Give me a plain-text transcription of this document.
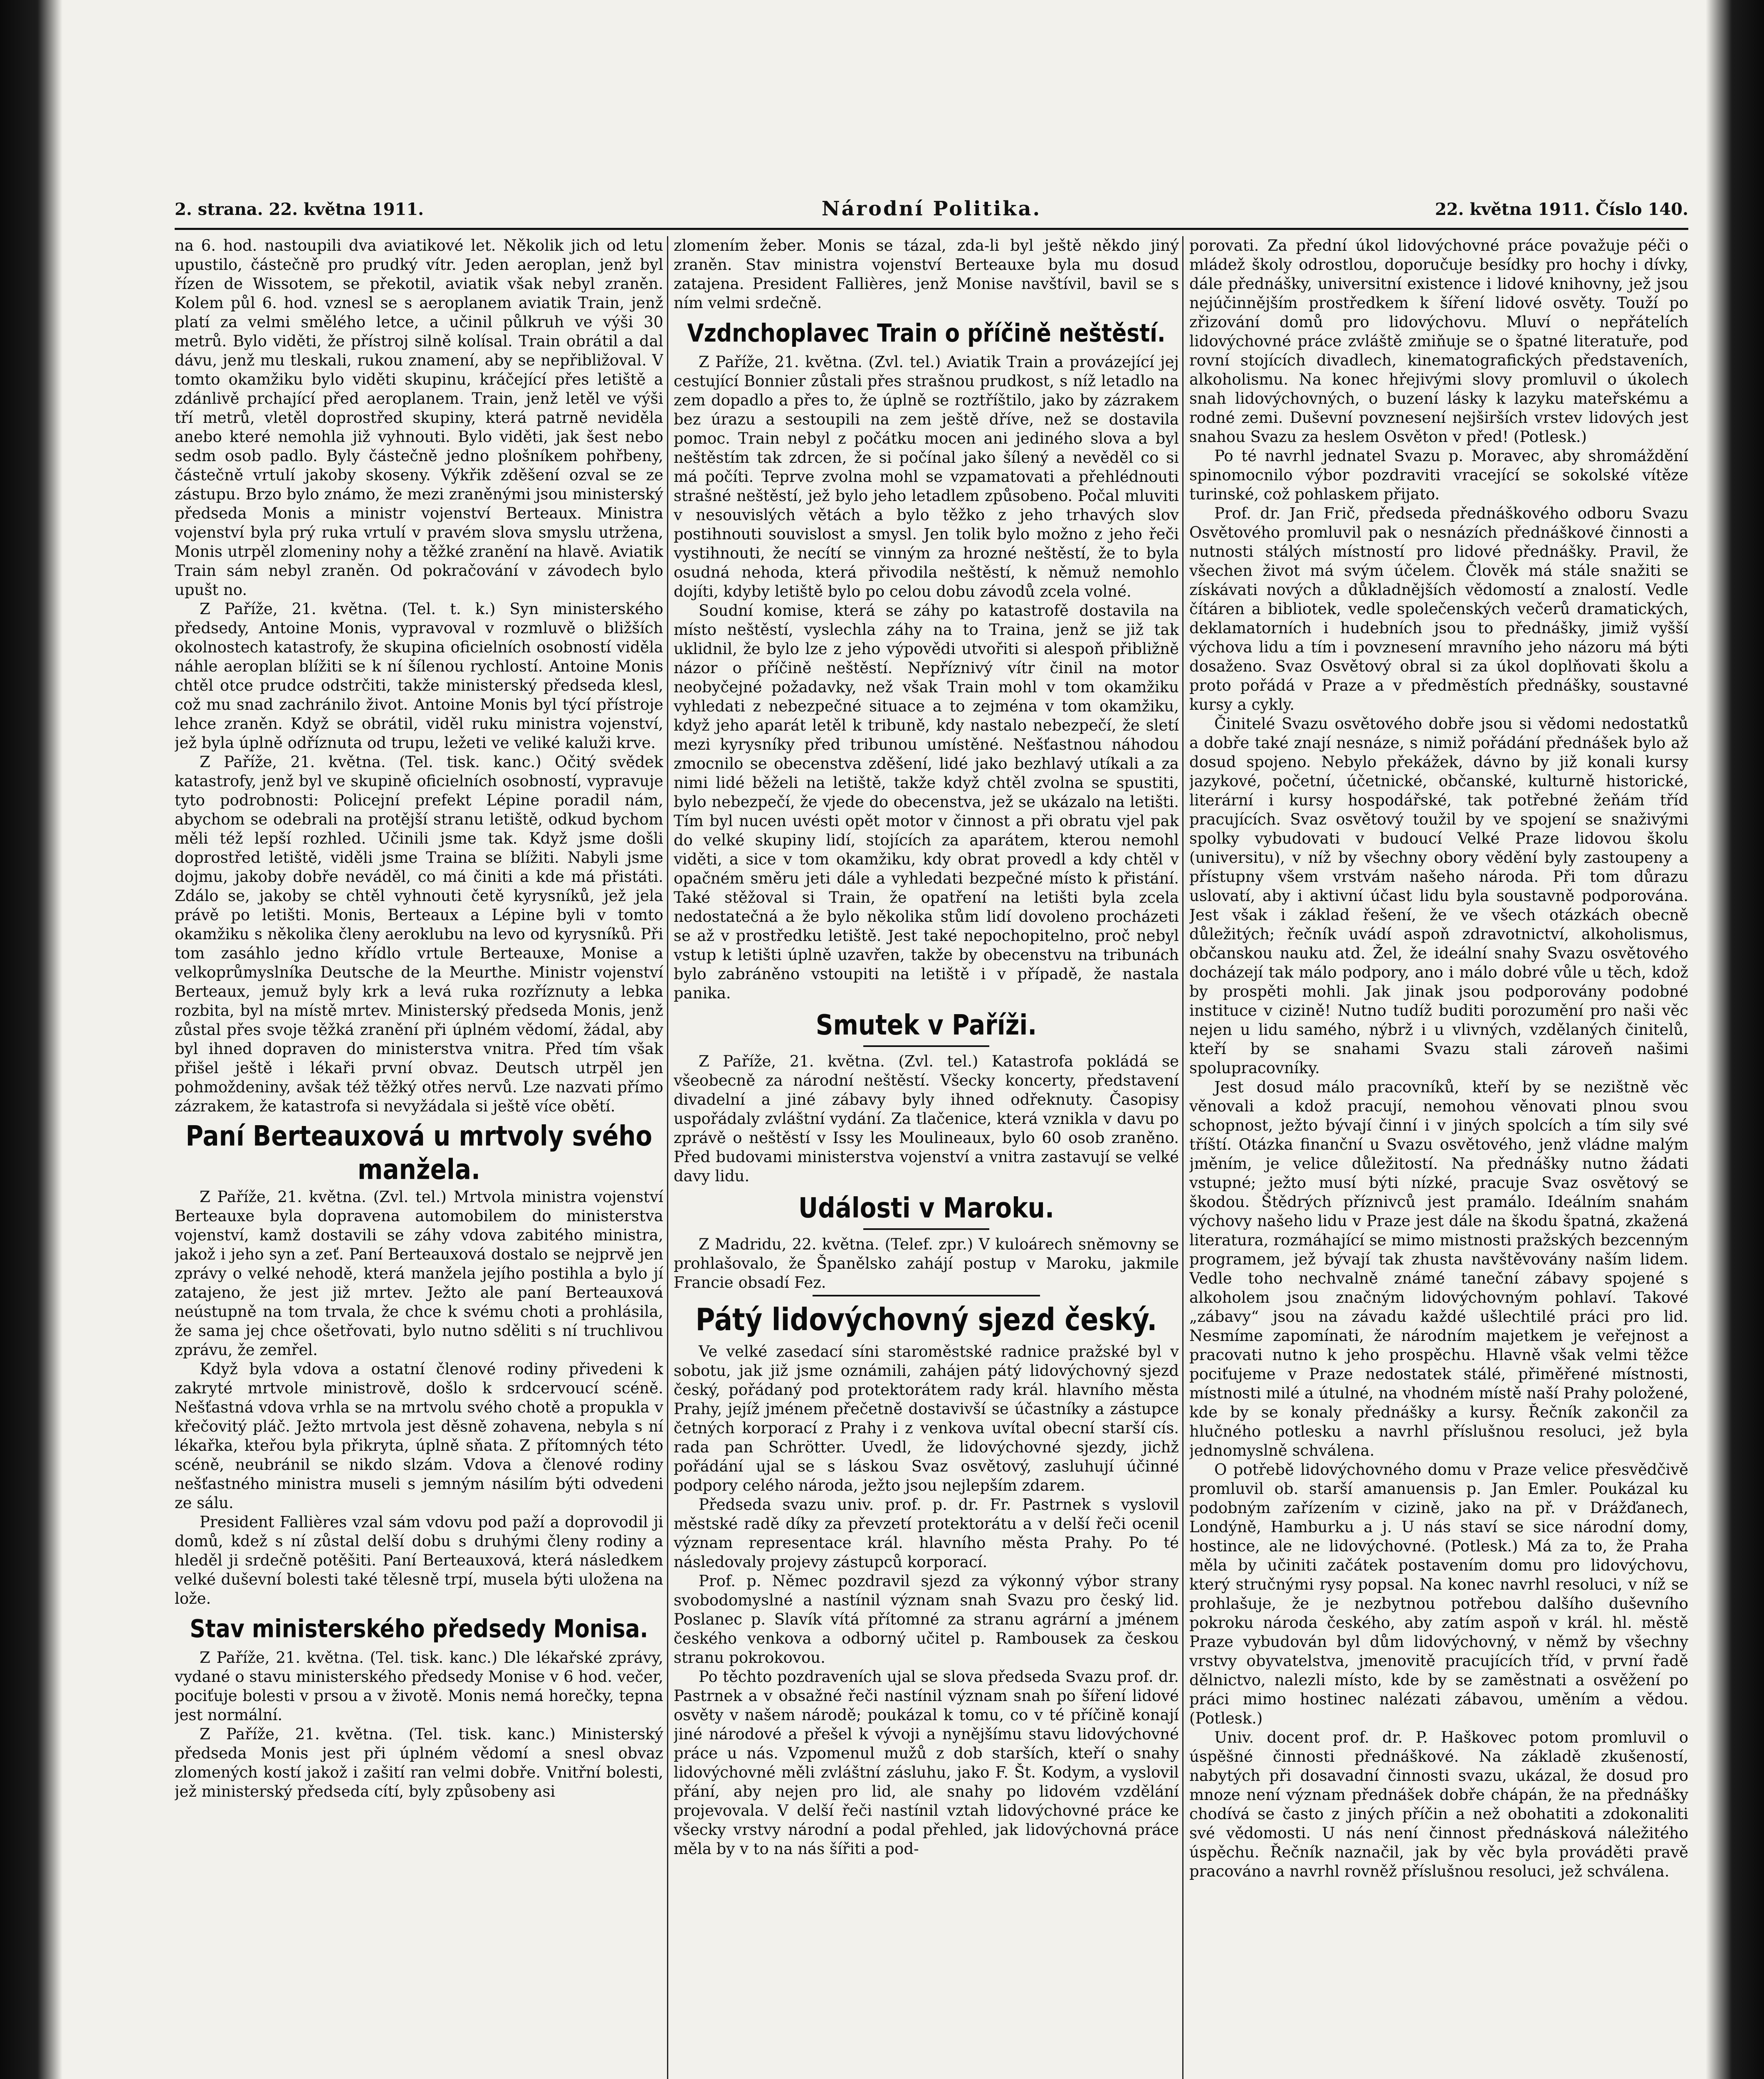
2. strana. 22. května 1911.	Národní Politika.	22. května 1911. Číslo 140.

na 6. hod. nastoupili dva aviatikové let. Několik jich od letu upustilo, částečně pro prudký vítr. Jeden aeroplan, jenž byl řízen de Wissotem, se překotil, aviatik však nebyl zraněn. Kolem půl 6. hod. vznesl se s aeroplanem aviatik Train, jenž platí za velmi smělého letce, a učinil půlkruh ve výši 30 metrů. Bylo viděti, že přístroj silně kolísal. Train obrátil a dal dávu, jenž mu tleskali, rukou znamení, aby se nepřibližoval. V tomto okamžiku bylo viděti skupinu, kráčející přes letiště a zdánlivě prchající před aeroplanem. Train, jenž letěl ve výši tří metrů, vletěl doprostřed skupiny, která patrně neviděla anebo které nemohla již vyhnouti. Bylo viděti, jak šest nebo sedm osob padlo. Byly částečně jedno plošníkem pohřbeny, částečně vrtulí jakoby skoseny. Výkřik zděšení ozval se ze zástupu. Brzo bylo známo, že mezi zraněnými jsou ministerský předseda Monis a ministr vojenství Berteaux. Ministra vojenství byla prý ruka vrtulí v pravém slova smyslu utržena, Monis utrpěl zlomeniny nohy a těžké zranění na hlavě. Aviatik Train sám nebyl zraněn. Od pokračování v závodech bylo upušt no.

Z Paříže, 21. května. (Tel. t. k.) Syn ministerského předsedy, Antoine Monis, vypravoval v rozmluvě o bližších okolnostech katastrofy, že skupina oficielních osobností viděla náhle aeroplan blížiti se k ní šílenou rychlostí. Antoine Monis chtěl otce prudce odstrčiti, takže ministerský předseda klesl, což mu snad zachránilo život. Antoine Monis byl týcí přístroje lehce zraněn. Když se obrátil, viděl ruku ministra vojenství, jež byla úplně odříznuta od trupu, ležeti ve veliké kaluži krve.

Z Paříže, 21. května. (Tel. tisk. kanc.) Očitý svědek katastrofy, jenž byl ve skupině oficielních osobností, vypravuje tyto podrobnosti: Policejní prefekt Lépine poradil nám, abychom se odebrali na protější stranu letiště, odkud bychom měli též lepší rozhled. Učinili jsme tak. Když jsme došli doprostřed letiště, viděli jsme Traina se blížiti. Nabyli jsme dojmu, jakoby dobře neváděl, co má činiti a kde má přistáti. Zdálo se, jakoby se chtěl vyhnouti četě kyrysníků, jež jela právě po letišti. Monis, Berteaux a Lépine byli v tomto okamžiku s několika členy aeroklubu na levo od kyrysníků. Při tom zasáhlo jedno křídlo vrtule Berteauxe, Monise a velkoprůmyslníka Deutsche de la Meurthe. Ministr vojenství Berteaux, jemuž byly krk a levá ruka rozříznuty a lebka rozbita, byl na místě mrtev. Ministerský předseda Monis, jenž zůstal přes svoje těžká zranění při úplném vědomí, žádal, aby byl ihned dopraven do ministerstva vnitra. Před tím však přišel ještě i lékaři první obvaz. Deutsch utrpěl jen pohmoždeniny, avšak též těžký otřes nervů. Lze nazvati přímo zázrakem, že katastrofa si nevyžádala si ještě více obětí.

Paní Berteauxová u mrtvoly svého manžela.

Z Paříže, 21. května. (Zvl. tel.) Mrtvola ministra vojenství Berteauxe byla dopravena automobilem do ministerstva vojenství, kamž dostavili se záhy vdova zabitého ministra, jakož i jeho syn a zeť. Paní Berteauxová dostalo se nejprvě jen zprávy o velké nehodě, která manžela jejího postihla a bylo jí zatajeno, že jest již mrtev. Ježto ale paní Berteauxová neústupně na tom trvala, že chce k svému choti a prohlásila, že sama jej chce ošetřovati, bylo nutno sděliti s ní truchlivou zprávu, že zemřel.

Když byla vdova a ostatní členové rodiny přivedeni k zakryté mrtvole ministrově, došlo k srdcervoucí scéně. Nešťastná vdova vrhla se na mrtvolu svého chotě a propukla v křečovitý pláč. Ježto mrtvola jest děsně zohavena, nebyla s ní lékařka, kteřou byla přikryta, úplně sňata. Z přítomných této scéně, neubránil se nikdo slzám. Vdova a členové rodiny nešťastného ministra museli s jemným násilím býti odvedeni ze sálu.

President Fallières vzal sám vdovu pod paží a doprovodil ji domů, kdež s ní zůstal delší dobu s druhými členy rodiny a hleděl ji srdečně potěšiti. Paní Berteauxová, která následkem velké duševní bolesti také tělesně trpí, musela býti uložena na lože.

Stav ministerského předsedy Monisa.

Z Paříže, 21. května. (Tel. tisk. kanc.) Dle lékařské zprávy, vydané o stavu ministerského předsedy Monise v 6 hod. večer, pociťuje bolesti v prsou a v životě. Monis nemá horečky, tepna jest normální.

Z Paříže, 21. května. (Tel. tisk. kanc.) Ministerský předseda Monis jest při úplném vědomí a snesl obvaz zlomených kostí jakož i zašití ran velmi dobře. Vnitřní bolesti, jež ministerský předseda cítí, byly způsobeny asi

zlomením žeber. Monis se tázal, zda-li byl ještě někdo jiný zraněn. Stav ministra vojenství Berteauxe byla mu dosud zatajena. President Fallières, jenž Monise navštívil, bavil se s ním velmi srdečně.

Vzdnchoplavec Train o příčině neštěstí.

Z Paříže, 21. května. (Zvl. tel.) Aviatik Train a provázející jej cestující Bonnier zůstali přes strašnou prudkost, s níž letadlo na zem dopadlo a přes to, že úplně se roztříštilo, jako by zázrakem bez úrazu a sestoupili na zem ještě dříve, než se dostavila pomoc. Train nebyl z počátku mocen ani jediného slova a byl neštěstím tak zdrcen, že si počínal jako šílený a nevěděl co si má počíti. Teprve zvolna mohl se vzpamatovati a přehlédnouti strašné neštěstí, jež bylo jeho letadlem způsobeno. Počal mluviti v nesouvislých větách a bylo těžko z jeho trhavých slov postihnouti souvislost a smysl. Jen tolik bylo možno z jeho řeči vystihnouti, že necítí se vinným za hrozné neštěstí, že to byla osudná nehoda, která přivodila neštěstí, k němuž nemohlo dojíti, kdyby letiště bylo po celou dobu závodů zcela volné.

Soudní komise, která se záhy po katastrofě dostavila na místo neštěstí, vyslechla záhy na to Traina, jenž se již tak uklidnil, že bylo lze z jeho výpovědi utvořiti si alespoň přibližně názor o příčině neštěstí. Nepříznivý vítr činil na motor neobyčejné požadavky, než však Train mohl v tom okamžiku vyhledati z nebezpečné situace a to zejména v tom okamžiku, když jeho aparát letěl k tribuně, kdy nastalo nebezpečí, že sletí mezi kyrysníky před tribunou umístěné. Nešťastnou náhodou zmocnilo se obecenstva zděšení, lidé jako bezhlavý utíkali a za nimi lidé běželi na letiště, takže když chtěl zvolna se spustiti, bylo nebezpečí, že vjede do obecenstva, jež se ukázalo na letišti. Tím byl nucen uvésti opět motor v činnost a při obratu vjel pak do velké skupiny lidí, stojících za aparátem, kterou nemohl viděti, a sice v tom okamžiku, kdy obrat provedl a kdy chtěl v opačném směru jeti dále a vyhledati bezpečné místo k přistání. Také stěžoval si Train, že opatření na letišti byla zcela nedostatečná a že bylo několika stům lidí dovoleno procházeti se až v prostředku letiště. Jest také nepochopitelno, proč nebyl vstup k letišti úplně uzavřen, takže by obecenstvu na tribunách bylo zabráněno vstoupiti na letiště i v případě, že nastala panika.

Smutek v Paříži.

Z Paříže, 21. května. (Zvl. tel.) Katastrofa pokládá se všeobecně za národní neštěstí. Všecky koncerty, představení divadelní a jiné zábavy byly ihned odřeknuty. Časopisy uspořádaly zvláštní vydání. Za tlačenice, která vznikla v davu po zprávě o neštěstí v Issy les Moulineaux, bylo 60 osob zraněno. Před budovami ministerstva vojenství a vnitra zastavují se velké davy lidu.

Události v Maroku.

Z Madridu, 22. května. (Telef. zpr.) V kuloárech sněmovny se prohlašovalo, že Španělsko zahájí postup v Maroku, jakmile Francie obsadí Fez.

Pátý lidovýchovný sjezd český.

Ve velké zasedací síni staroměstské radnice pražské byl v sobotu, jak již jsme oznámili, zahájen pátý lidovýchovný sjezd český, pořádaný pod protektorátem rady král. hlavního města Prahy, jejíž jménem přečetně dostavivší se účastníky a zástupce četných korporací z Prahy i z venkova uvítal obecní starší cís. rada pan Schrötter. Uvedl, že lidovýchovné sjezdy, jichž pořádání ujal se s láskou Svaz osvětový, zasluhují účinné podpory celého národa, ježto jsou nejlepším zdarem.

Předseda svazu univ. prof. p. dr. Fr. Pastrnek s vyslovil městské radě díky za převzetí protektorátu a v delší řeči ocenil význam representace král. hlavního města Prahy. Po té následovaly projevy zástupců korporací.

Prof. p. Němec pozdravil sjezd za výkonný výbor strany svobodomyslné a nastínil význam snah Svazu pro český lid. Poslanec p. Slavík vítá přítomné za stranu agrární a jménem českého venkova a odborný učitel p. Rambousek za českou stranu pokrokovou.

Po těchto pozdraveních ujal se slova předseda Svazu prof. dr. Pastrnek a v obsažné řeči nastínil význam snah po šíření lidové osvěty v našem národě; poukázal k tomu, co v té příčině konají jiné národové a přešel k vývoji a nynějšímu stavu lidovýchovné práce u nás. Vzpomenul mužů z dob starších, kteří o snahy lidovýchovné měli zvláštní zásluhu, jako F. Št. Kodym, a vyslovil přání, aby nejen pro lid, ale snahy po lidovém vzdělání projevovala. V delší řeči nastínil vztah lidovýchovné práce ke všecky vrstvy národní a podal přehled, jak lidovýchovná práce měla by v to na nás šířiti a pod-

porovati. Za přední úkol lidovýchovné práce považuje péči o mládež školy odrostlou, doporučuje besídky pro hochy i dívky, dále přednášky, universitní existence i lidové knihovny, jež jsou nejúčinnějším prostředkem k šíření lidové osvěty. Touží po zřizování domů pro lidovýchovu. Mluví o nepřátelích lidovýchovné práce zvláště zmiňuje se o špatné literatuře, pod rovní stojících divadlech, kinematografických představeních, alkoholismu. Na konec hřejivými slovy promluvil o úkolech snah lidovýchovných, o buzení lásky k lazyku mateřskému a rodné zemi. Duševní povznesení nejširších vrstev lidových jest snahou Svazu za heslem Osvěton v před! (Potlesk.)

Po té navrhl jednatel Svazu p. Moravec, aby shromáždění spinomocnilo výbor pozdraviti vracející se sokolské vítěze turinské, což pohlaskem přijato.

Prof. dr. Jan Frič, předseda přednáškového odboru Svazu Osvětového promluvil pak o nesnázích přednáškové činnosti a nutnosti stálých místností pro lidové přednášky. Pravil, že všechen život má svým účelem. Člověk má stále snažiti se získávati nových a důkladnějších vědomostí a znalostí. Vedle čítáren a bibliotek, vedle společenských večerů dramatických, deklamatorních i hudebních jsou to přednášky, jimiž vyšší výchova lidu a tím i povznesení mravního jeho názoru má býti dosaženo. Svaz Osvětový obral si za úkol doplňovati školu a proto pořádá v Praze a v předměstích přednášky, soustavné kursy a cykly.

Činitelé Svazu osvětového dobře jsou si vědomi nedostatků a dobře také znají nesnáze, s nimiž pořádání přednášek bylo až dosud spojeno. Nebylo překážek, dávno by již konali kursy jazykové, početní, účetnické, občanské, kulturně historické, literární i kursy hospodářské, tak potřebné žeňám tříd pracujících. Svaz osvětový toužil by ve spojení se snaživými spolky vybudovati v budoucí Velké Praze lidovou školu (universitu), v níž by všechny obory vědění byly zastoupeny a přístupny všem vrstvám našeho národa. Při tom důrazu uslovatí, aby i aktivní účast lidu byla soustavně podporována. Jest však i základ řešení, že ve všech otázkách obecně důležitých; řečník uvádí aspoň zdravotnictví, alkoholismus, občanskou nauku atd. Žel, že ideální snahy Svazu osvětového docházejí tak málo podpory, ano i málo dobré vůle u těch, kdož by prospěti mohli. Jak jinak jsou podporovány podobné instituce v cizině! Nutno tudíž buditi porozumění pro naši věc nejen u lidu samého, nýbrž i u vlivných, vzdělaných činitelů, kteří by se snahami Svazu stali zároveň našimi spolupracovníky.

Jest dosud málo pracovníků, kteří by se nezištně věc věnovali a kdož pracují, nemohou věnovati plnou svou schopnost, ježto bývají činní i v jiných spolcích a tím sily své tříští. Otázka finanční u Svazu osvětového, jenž vládne malým jměním, je velice důležitostí. Na přednášky nutno žádati vstupné; ježto musí býti nízké, pracuje Svaz osvětový se škodou. Štědrých příznivců jest pramálo. Ideálním snahám výchovy našeho lidu v Praze jest dále na škodu špatná, zkažená literatura, rozmáhající se mimo mistnosti pražských bezcenným programem, jež bývají tak zhusta navštěvovány naším lidem. Vedle toho nechvalně známé taneční zábavy spojené s alkoholem jsou značným lidovýchovným pohlaví. Takové „zábavy“ jsou na závadu každé ušlechtilé práci pro lid. Nesmíme zapomínati, že národním majetkem je veřejnost a pracovati nutno k jeho prospěchu. Hlavně však velmi těžce pociťujeme v Praze nedostatek stálé, přiměřené místnosti, místnosti milé a útulné, na vhodném místě naší Prahy položené, kde by se konaly přednášky a kursy. Řečník zakončil za hlučného potlesku a navrhl příslušnou resoluci, jež byla jednomyslně schválena.

O potřebě lidovýchovného domu v Praze velice přesvědčivě promluvil ob. starší amanuensis p. Jan Emler. Poukázal ku podobným zařízením v cizině, jako na př. v Drážďanech, Londýně, Hamburku a j. U nás staví se sice národní domy, hostince, ale ne lidovýchovné. (Potlesk.) Má za to, že Praha měla by učiniti začátek postavením domu pro lidovýchovu, který stručnými rysy popsal. Na konec navrhl resoluci, v níž se prohlašuje, že je nezbytnou potřebou dalšího duševního pokroku národa českého, aby zatím aspoň v král. hl. městě Praze vybudován byl dům lidovýchovný, v němž by všechny vrstvy obyvatelstva, jmenovitě pracujících tříd, v první řadě dělnictvo, nalezli místo, kde by se zaměstnati a osvěžení po práci mimo hostinec nalézati zábavou, uměním a vědou. (Potlesk.)

Univ. docent prof. dr. P. Haškovec potom promluvil o úspěšné činnosti přednáškové. Na základě zkušeností, nabytých při dosavadní činnosti svazu, ukázal, že dosud pro mnoze není význam přednášek dobře chápán, že na přednášky chodívá se často z jiných příčin a než obohatiti a zdokonaliti své vědomosti. U nás není činnost přednásková náležitého úspěchu. Řečník naznačil, jak by věc byla prováděti pravě pracováno a navrhl rovněž příslušnou resoluci, jež schválena.
